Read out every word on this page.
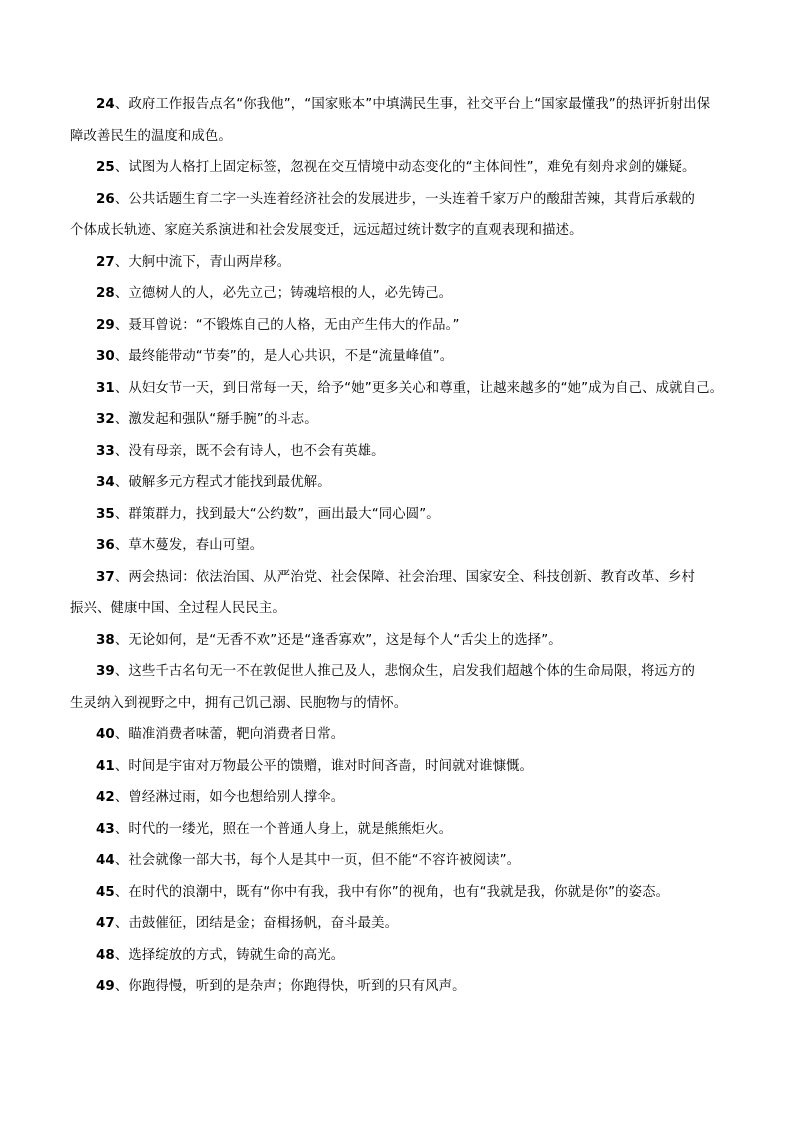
24、政府工作报告点名“你我他”，“国家账本”中填满民生事，社交平台上“国家最懂我”的热评折射出保
障改善民生的温度和成色。
25、试图为人格打上固定标签，忽视在交互情境中动态变化的“主体间性”，难免有刻舟求剑的嫌疑。
26、公共话题生育二字一头连着经济社会的发展进步，一头连着千家万户的酸甜苦辣，其背后承载的
个体成长轨迹、家庭关系演进和社会发展变迁，远远超过统计数字的直观表现和描述。
27、大舸中流下，青山两岸移。
28、立德树人的人，必先立己；铸魂培根的人，必先铸己。
29、聂耳曾说：“不锻炼自己的人格，无由产生伟大的作品。”
30、最终能带动“节奏”的，是人心共识，不是“流量峰值”。
31、从妇女节一天，到日常每一天，给予“她”更多关心和尊重，让越来越多的“她”成为自己、成就自己。
32、激发起和强队“掰手腕”的斗志。
33、没有母亲，既不会有诗人，也不会有英雄。
34、破解多元方程式才能找到最优解。
35、群策群力，找到最大“公约数”，画出最大“同心圆”。
36、草木蔓发，春山可望。
37、两会热词：依法治国、从严治党、社会保障、社会治理、国家安全、科技创新、教育改革、乡村
振兴、健康中国、全过程人民民主。
38、无论如何，是“无香不欢”还是“逢香寡欢”，这是每个人“舌尖上的选择”。
39、这些千古名句无一不在敦促世人推己及人，悲悯众生，启发我们超越个体的生命局限，将远方的
生灵纳入到视野之中，拥有己饥己溺、民胞物与的情怀。
40、瞄准消费者味蕾，靶向消费者日常。
41、时间是宇宙对万物最公平的馈赠，谁对时间吝啬，时间就对谁慷慨。
42、曾经淋过雨，如今也想给别人撑伞。
43、时代的一缕光，照在一个普通人身上，就是熊熊炬火。
44、社会就像一部大书，每个人是其中一页，但不能“不容许被阅读”。
45、在时代的浪潮中，既有“你中有我，我中有你”的视角，也有“我就是我，你就是你”的姿态。
47、击鼓催征，团结是金；奋楫扬帆，奋斗最美。
48、选择绽放的方式，铸就生命的高光。
49、你跑得慢，听到的是杂声；你跑得快，听到的只有风声。
